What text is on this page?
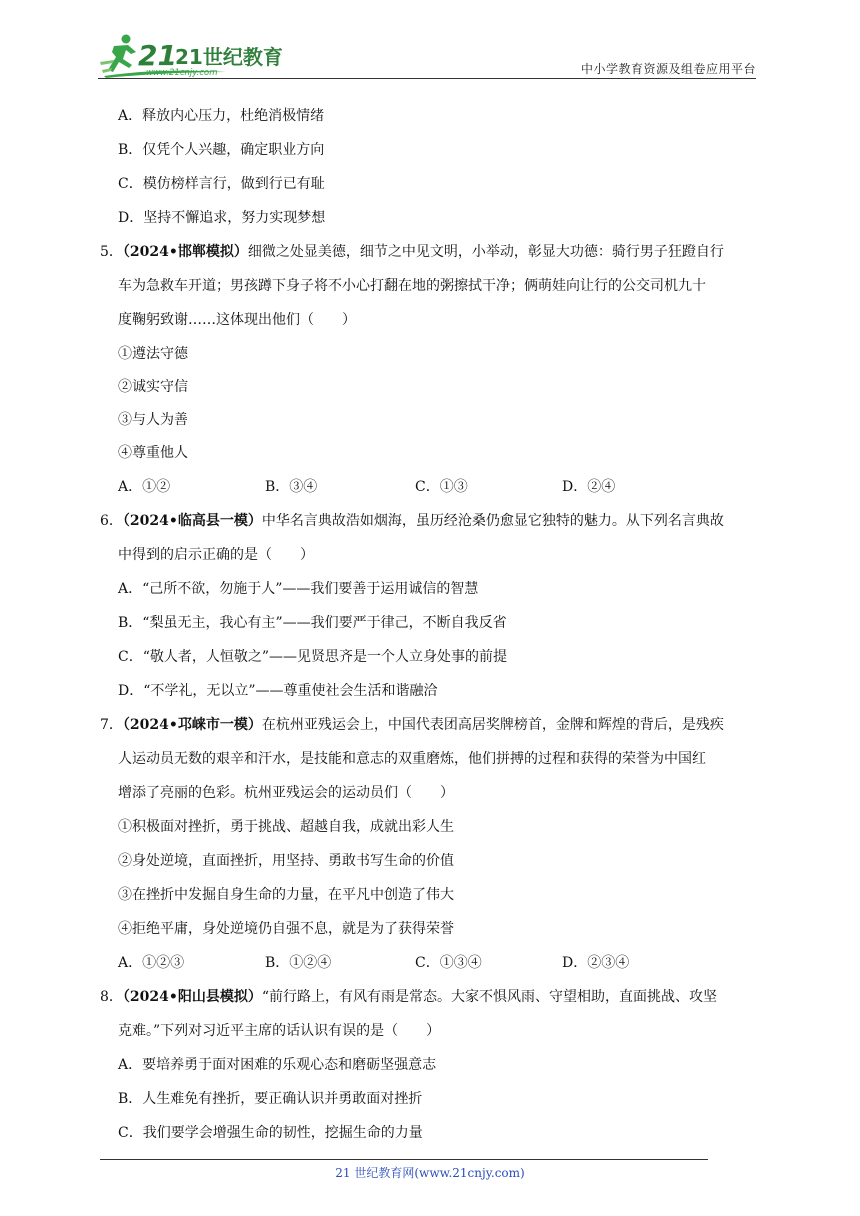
21
21世纪教育
www.21cnjy.com	中小学教育资源及组卷应用平台
A．释放内心压力，杜绝消极情绪
B．仅凭个人兴趣，确定职业方向
C．模仿榜样言行，做到行已有耻
D．坚持不懈追求，努力实现梦想
5．（2024•邯郸模拟）细微之处显美德，细节之中见文明，小举动，彰显大功德：骑行男子狂蹬自行
车为急救车开道；男孩蹲下身子将不小心打翻在地的粥擦拭干净；俩萌娃向让行的公交司机九十
度鞠躬致谢……这体现出他们（　　）
①遵法守德
②诚实守信
③与人为善
④尊重他人
A．①②	B．③④	C．①③	D．②④
6．（2024•临高县一模）中华名言典故浩如烟海，虽历经沧桑仍愈显它独特的魅力。从下列名言典故
中得到的启示正确的是（　　）
A．“己所不欲，勿施于人”——我们要善于运用诚信的智慧
B．“梨虽无主，我心有主”——我们要严于律己，不断自我反省
C．“敬人者，人恒敬之”——见贤思齐是一个人立身处事的前提
D．“不学礼，无以立”——尊重使社会生活和谐融洽
7．（2024•邛崃市一模）在杭州亚残运会上，中国代表团高居奖牌榜首，金牌和辉煌的背后，是残疾
人运动员无数的艰辛和汗水，是技能和意志的双重磨炼，他们拼搏的过程和获得的荣誉为中国红
增添了亮丽的色彩。杭州亚残运会的运动员们（　　）
①积极面对挫折，勇于挑战、超越自我，成就出彩人生
②身处逆境，直面挫折，用坚持、勇敢书写生命的价值
③在挫折中发掘自身生命的力量，在平凡中创造了伟大
④拒绝平庸，身处逆境仍自强不息，就是为了获得荣誉
A．①②③	B．①②④	C．①③④	D．②③④
8．（2024•阳山县模拟）“前行路上，有风有雨是常态。大家不惧风雨、守望相助，直面挑战、攻坚
克难。”下列对习近平主席的话认识有误的是（　　）
A．要培养勇于面对困难的乐观心态和磨砺坚强意志
B．人生难免有挫折，要正确认识并勇敢面对挫折
C．我们要学会增强生命的韧性，挖掘生命的力量
21 世纪教育网(www.21cnjy.com)
